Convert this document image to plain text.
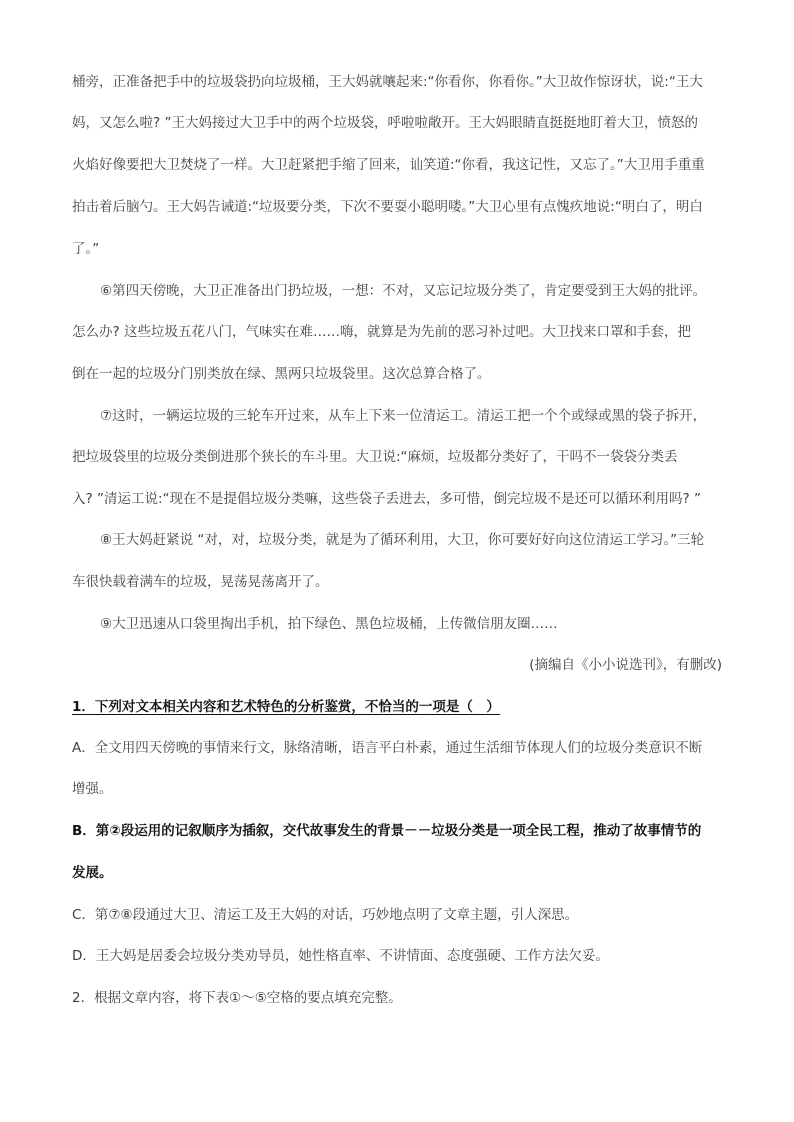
桶旁，正准备把手中的垃圾袋扔向垃圾桶，王大妈就嚷起来:“你看你，你看你。”大卫故作惊讶状，说:“王大
妈，又怎么啦? ”王大妈接过大卫手中的两个垃圾袋，呼啦啦敞开。王大妈眼睛直挺挺地盯着大卫，愤怒的
火焰好像要把大卫焚烧了一样。大卫赶紧把手缩了回来，讪笑道:“你看，我这记性，又忘了。”大卫用手重重
拍击着后脑勺。王大妈告诫道:“垃圾要分类，下次不要耍小聪明喽。”大卫心里有点愧疚地说:“明白了，明白
了。”
⑥第四天傍晚，大卫正准备出门扔垃圾，一想：不对，又忘记垃圾分类了，肯定要受到王大妈的批评。
怎么办? 这些垃圾五花八门，气味实在难……嗨，就算是为先前的恶习补过吧。大卫找来口罩和手套，把
倒在一起的垃圾分门别类放在绿、黑两只垃圾袋里。这次总算合格了。
⑦这时，一辆运垃圾的三轮车开过来，从车上下来一位清运工。清运工把一个个或绿或黑的袋子拆开，
把垃圾袋里的垃圾分类倒进那个狭长的车斗里。大卫说:“麻烦，垃圾都分类好了，干吗不一袋袋分类丢
入? ”清运工说:“现在不是提倡垃圾分类嘛，这些袋子丢进去，多可惜，倒完垃圾不是还可以循环利用吗? ”
⑧王大妈赶紧说 “对，对，垃圾分类，就是为了循环利用，大卫，你可要好好向这位清运工学习。”三轮
车很快载着满车的垃圾，晃荡晃荡离开了。
⑨大卫迅速从口袋里掏出手机，拍下绿色、黑色垃圾桶，上传微信朋友圈……
(摘编自《小小说选刊》，有删改)
1．下列对文本相关内容和艺术特色的分析鉴赏，不恰当的一项是（　）
A．全文用四天傍晚的事情来行文，脉络清晰，语言平白朴素，通过生活细节体现人们的垃圾分类意识不断
增强。
B．第②段运用的记叙顺序为插叙，交代故事发生的背景－－垃圾分类是一项全民工程，推动了故事情节的
发展。
C．第⑦⑧段通过大卫、清运工及王大妈的对话，巧妙地点明了文章主题，引人深思。
D．王大妈是居委会垃圾分类劝导员，她性格直率、不讲情面、态度强硬、工作方法欠妥。
2．根据文章内容，将下表①～⑤空格的要点填充完整。
